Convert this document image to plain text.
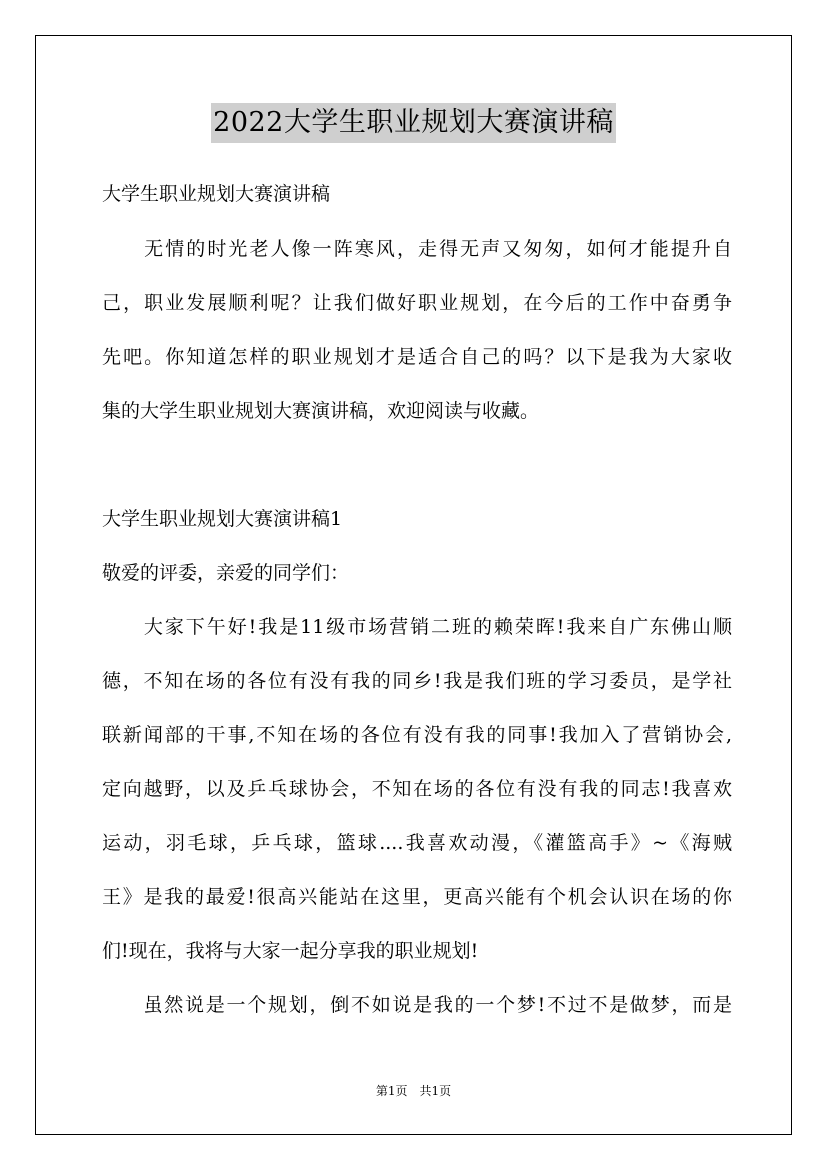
2022大学生职业规划大赛演讲稿
大学生职业规划大赛演讲稿
　　无情的时光老人像一阵寒风，走得无声又匆匆，如何才能提升自
己，职业发展顺利呢？让我们做好职业规划，在今后的工作中奋勇争
先吧。你知道怎样的职业规划才是适合自己的吗？以下是我为大家收
集的大学生职业规划大赛演讲稿，欢迎阅读与收藏。
大学生职业规划大赛演讲稿1
敬爱的评委，亲爱的同学们：
　　大家下午好!我是11级市场营销二班的赖荣晖!我来自广东佛山顺
德，不知在场的各位有没有我的同乡!我是我们班的学习委员，是学社
联新闻部的干事,不知在场的各位有没有我的同事!我加入了营销协会,
定向越野，以及乒乓球协会，不知在场的各位有没有我的同志!我喜欢
运动，羽毛球，乒乓球，篮球....我喜欢动漫，《灌篮高手》~《海贼
王》是我的最爱!很高兴能站在这里，更高兴能有个机会认识在场的你
们!现在，我将与大家一起分享我的职业规划!
　　虽然说是一个规划，倒不如说是我的一个梦!不过不是做梦，而是
第1页　共1页
